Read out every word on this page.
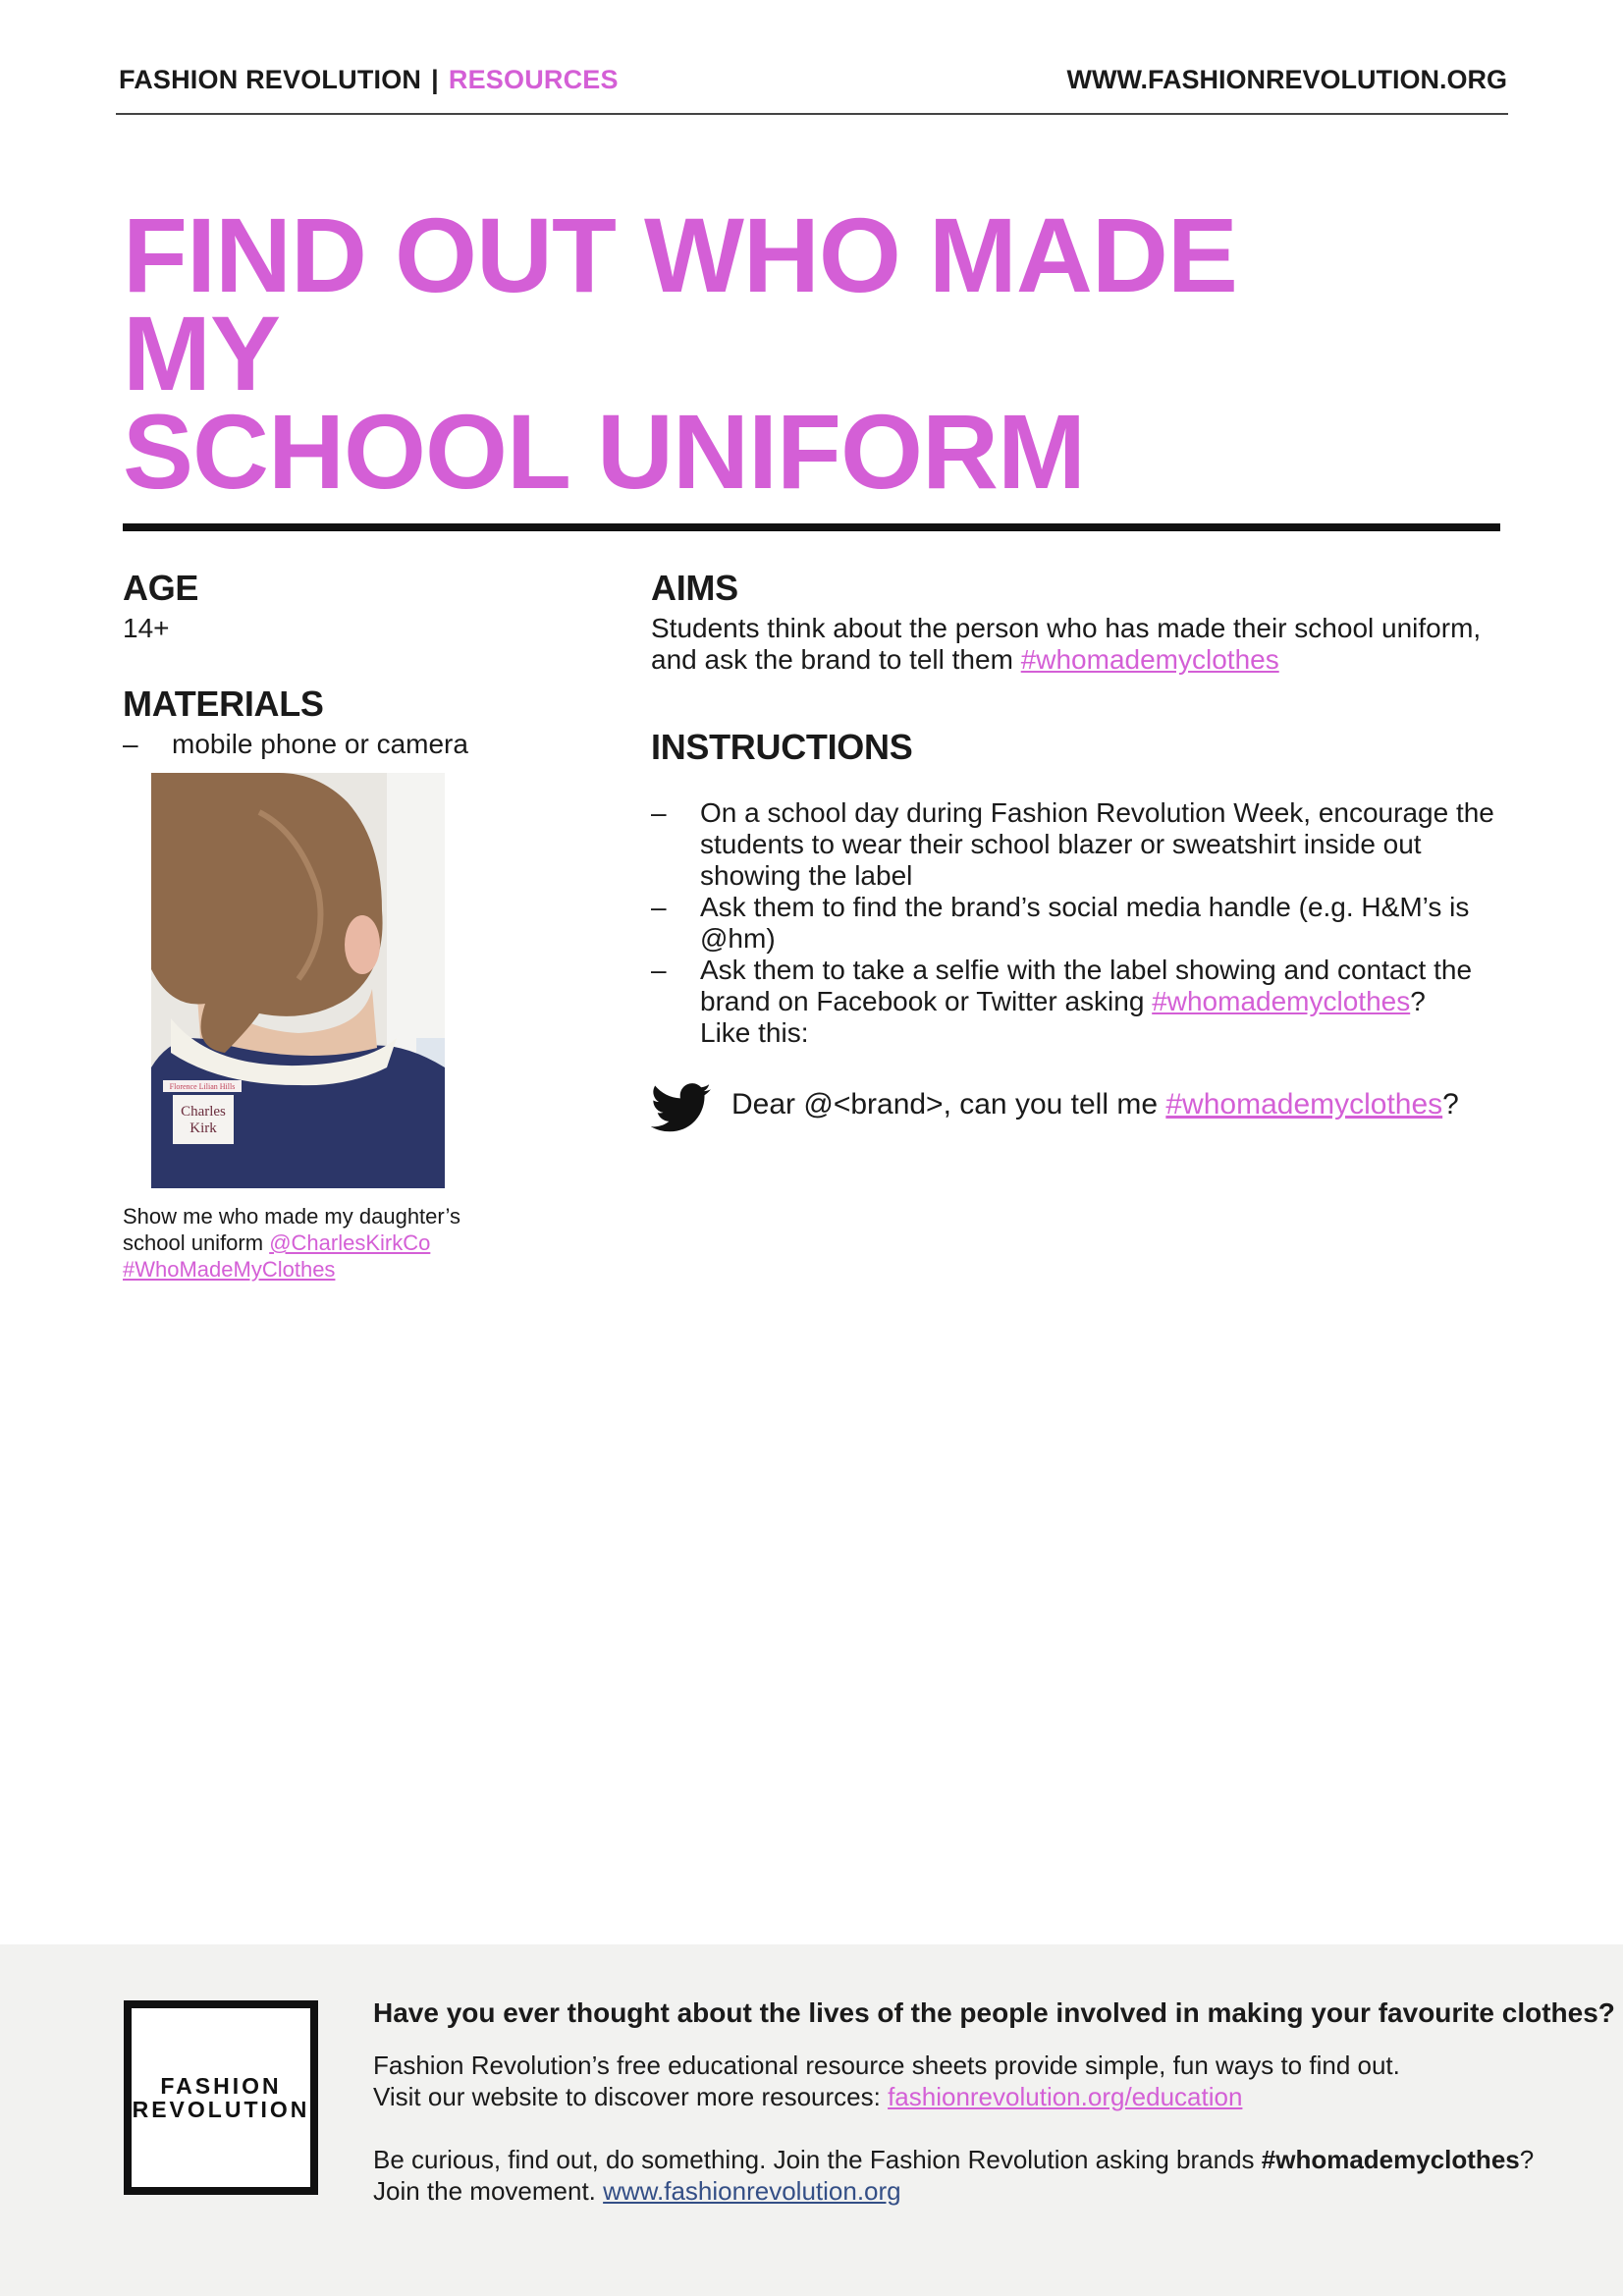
FASHION REVOLUTION | RESOURCES	WWW.FASHIONREVOLUTION.ORG
FIND OUT WHO MADE MY
SCHOOL UNIFORM
AGE
14+
MATERIALS
– mobile phone or camera
Florence Lilian Hills
Charles
Kirk
Show me who made my daughter’s school uniform @CharlesKirkCo
#WhoMadeMyClothes
AIMS
Students think about the person who has made their school uniform, and ask the brand to tell them #whomademyclothes
INSTRUCTIONS
– On a school day during Fashion Revolution Week, encourage the students to wear their school blazer or sweatshirt inside out showing the label
– Ask them to find the brand’s social media handle (e.g. H&M’s is @hm)
– Ask them to take a selfie with the label showing and contact the brand on Facebook or Twitter asking #whomademyclothes?
Like this:
Dear @<brand>, can you tell me #whomademyclothes?
FASHION
REVOLUTION
Have you ever thought about the lives of the people involved in making your favourite clothes?
Fashion Revolution’s free educational resource sheets provide simple, fun ways to find out.
Visit our website to discover more resources: fashionrevolution.org/education
Be curious, find out, do something. Join the Fashion Revolution asking brands #whomademyclothes?
Join the movement. www.fashionrevolution.org
